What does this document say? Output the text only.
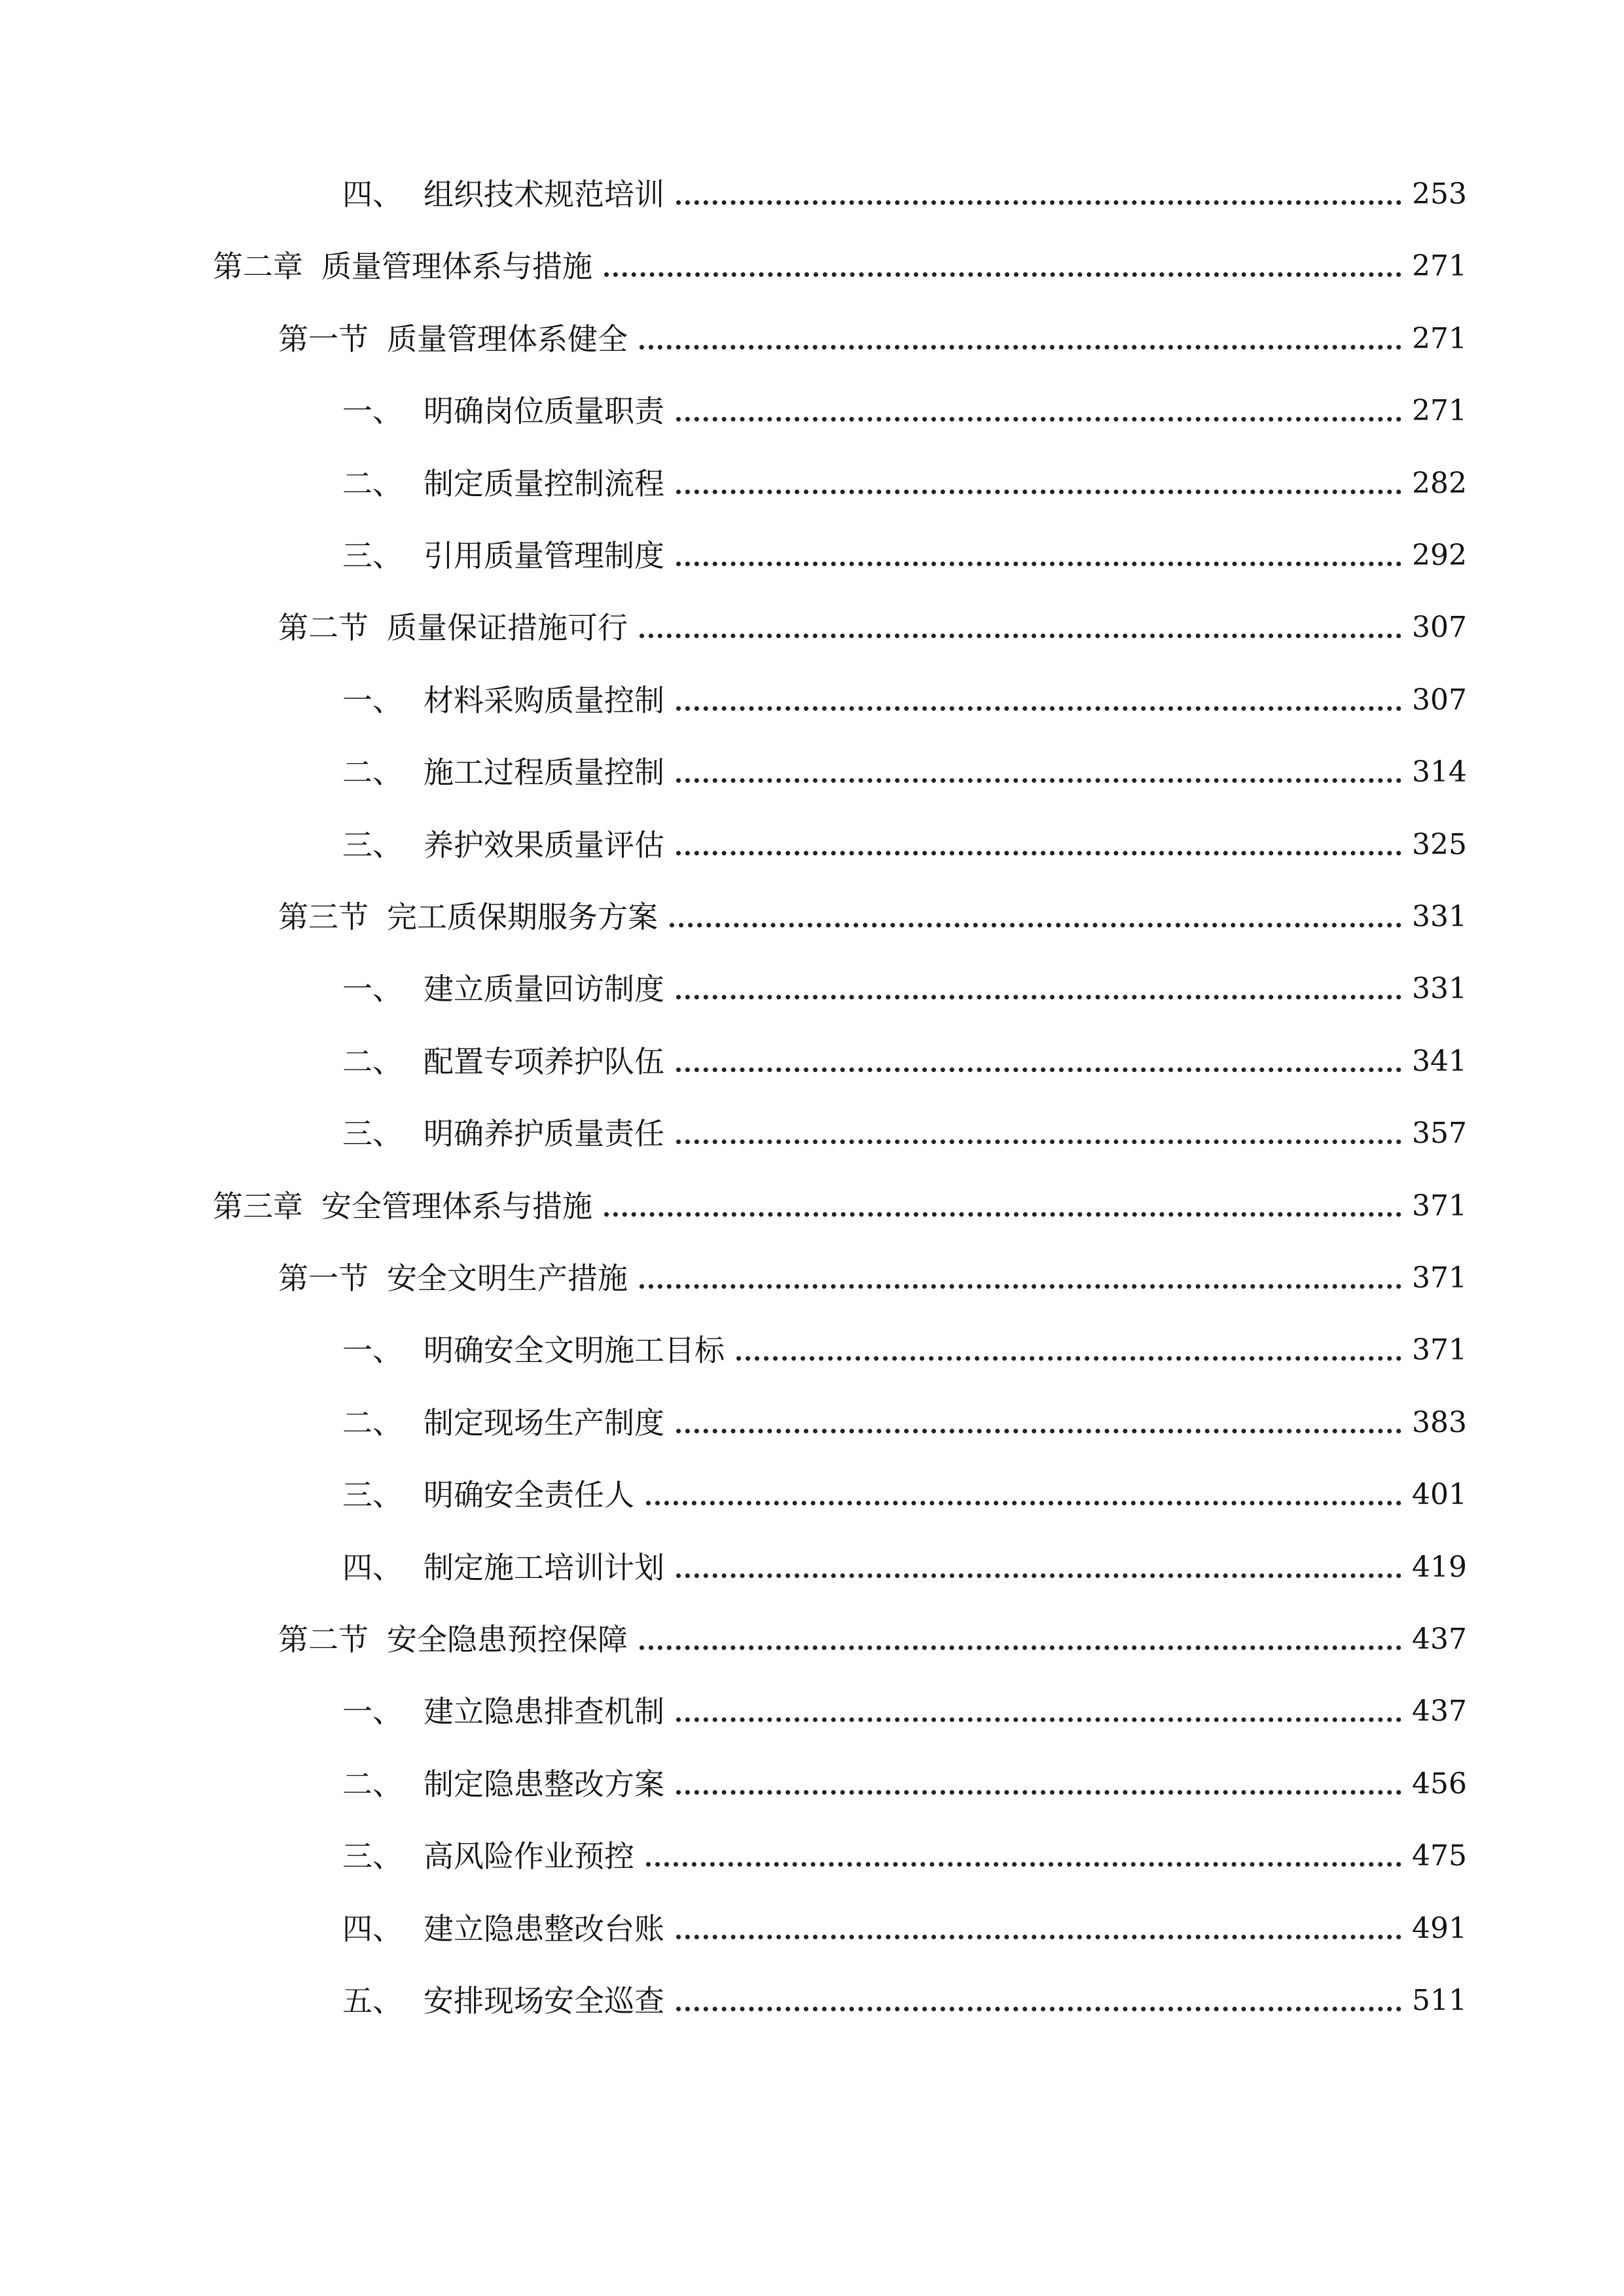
四、 组织技术规范培训	253
第二章 质量管理体系与措施	271
第一节 质量管理体系健全	271
一、 明确岗位质量职责	271
二、 制定质量控制流程	282
三、 引用质量管理制度	292
第二节 质量保证措施可行	307
一、 材料采购质量控制	307
二、 施工过程质量控制	314
三、 养护效果质量评估	325
第三节 完工质保期服务方案	331
一、 建立质量回访制度	331
二、 配置专项养护队伍	341
三、 明确养护质量责任	357
第三章 安全管理体系与措施	371
第一节 安全文明生产措施	371
一、 明确安全文明施工目标	371
二、 制定现场生产制度	383
三、 明确安全责任人	401
四、 制定施工培训计划	419
第二节 安全隐患预控保障	437
一、 建立隐患排查机制	437
二、 制定隐患整改方案	456
三、 高风险作业预控	475
四、 建立隐患整改台账	491
五、 安排现场安全巡查	511
